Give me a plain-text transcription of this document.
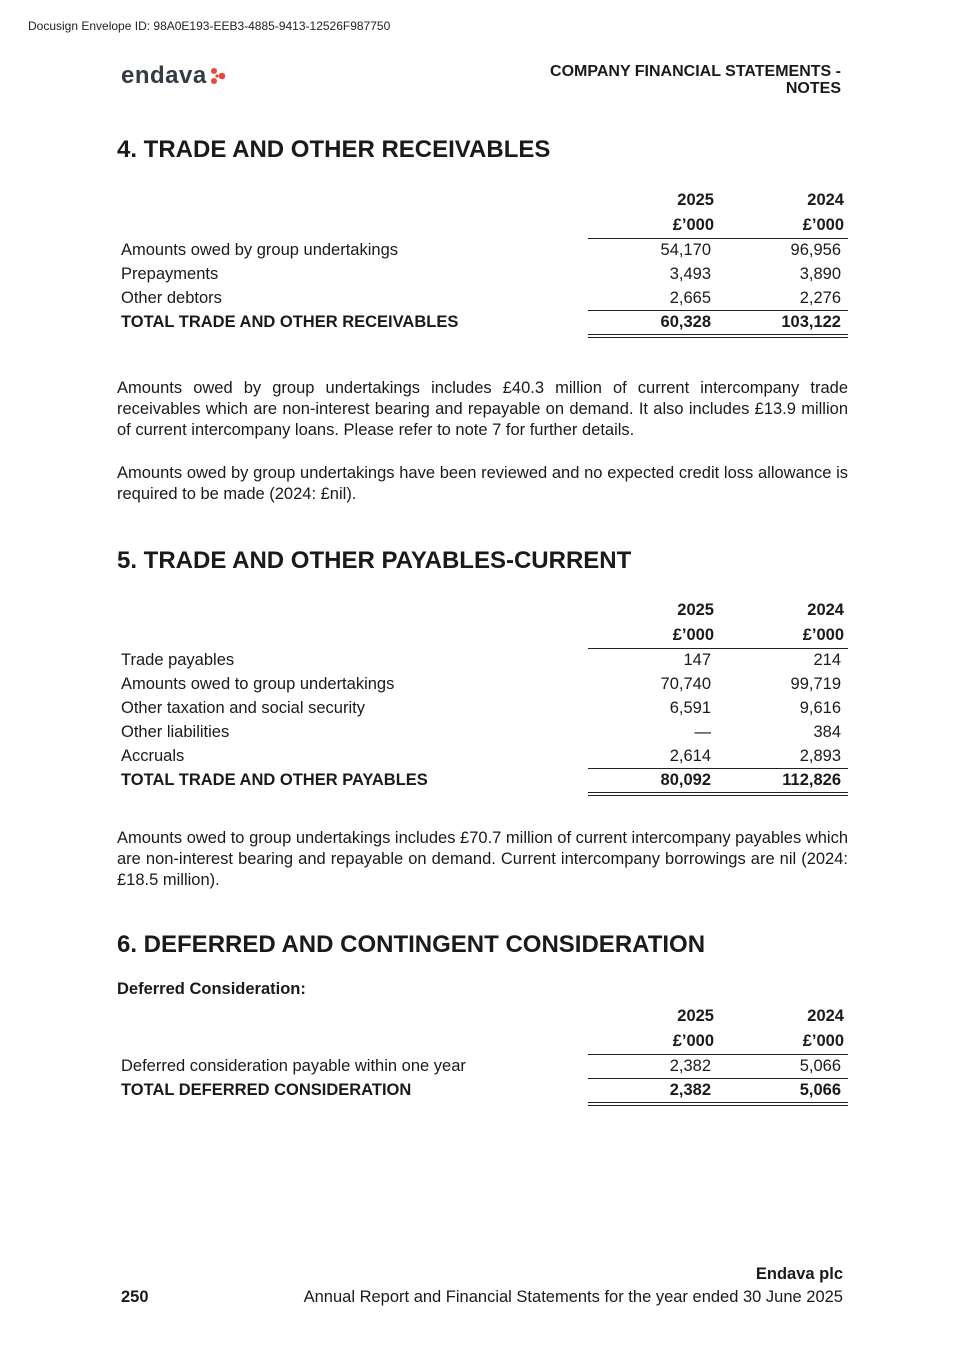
Docusign Envelope ID: 98A0E193-EEB3-4885-9413-12526F987750
endava	COMPANY FINANCIAL STATEMENTS -
NOTES
4. TRADE AND OTHER RECEIVABLES
2025	2024
£’000	£’000
Amounts owed by group undertakings	54,170	96,956
Prepayments	3,493	3,890
Other debtors	2,665	2,276
TOTAL TRADE AND OTHER RECEIVABLES	60,328	103,122
Amounts owed by group undertakings includes £40.3 million of current intercompany trade receivables which are non-interest bearing and repayable on demand. It also includes £13.9 million of current intercompany loans. Please refer to note 7 for further details.
Amounts owed by group undertakings have been reviewed and no expected credit loss allowance is required to be made (2024: £nil).
5. TRADE AND OTHER PAYABLES-CURRENT
2025	2024
£’000	£’000
Trade payables	147	214
Amounts owed to group undertakings	70,740	99,719
Other taxation and social security	6,591	9,616
Other liabilities	—	384
Accruals	2,614	2,893
TOTAL TRADE AND OTHER PAYABLES	80,092	112,826
Amounts owed to group undertakings includes £70.7 million of current intercompany payables which are non-interest bearing and repayable on demand. Current intercompany borrowings are nil (2024: £18.5 million).
6. DEFERRED AND CONTINGENT CONSIDERATION
Deferred Consideration:
2025	2024
£’000	£’000
Deferred consideration payable within one year	2,382	5,066
TOTAL DEFERRED CONSIDERATION	2,382	5,066
Endava plc
250	Annual Report and Financial Statements for the year ended 30 June 2025
